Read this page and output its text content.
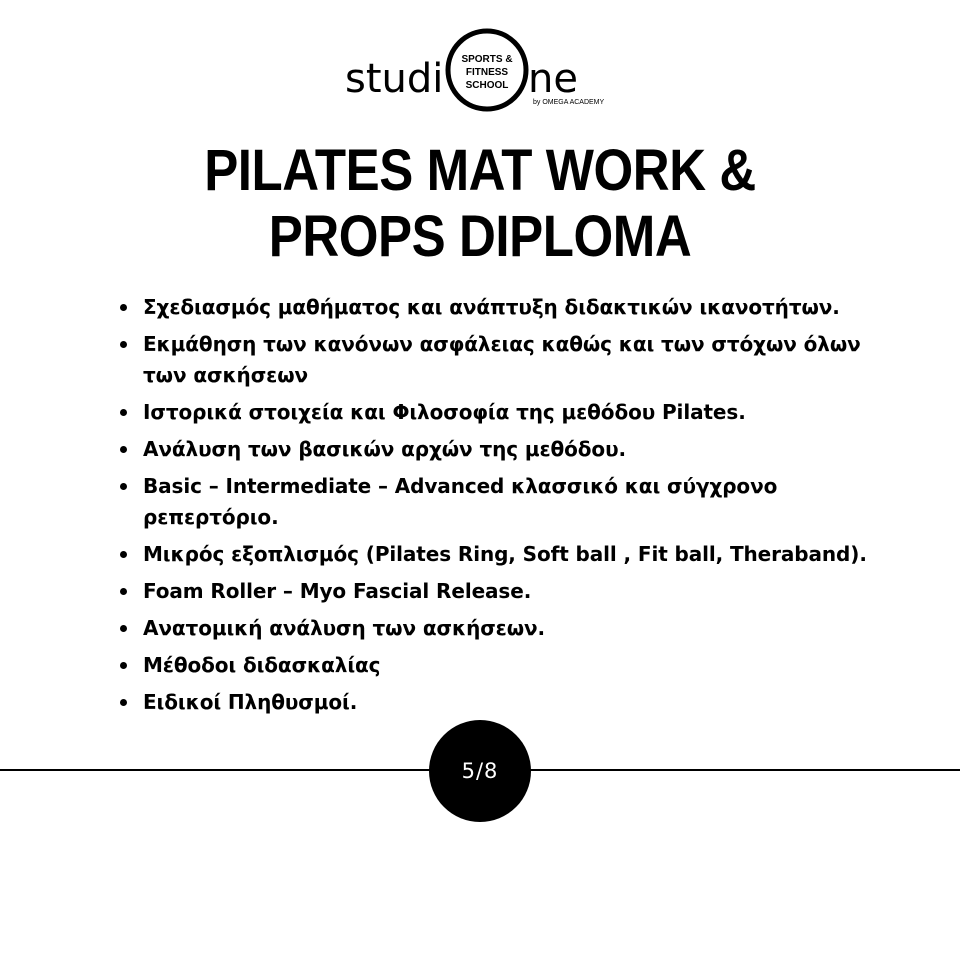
studi SPORTS &
FITNESS
SCHOOL ne
by OMEGA ACADEMY
PILATES MAT WORK &
PROPS DIPLOMA
Σχεδιασμός μαθήματος και ανάπτυξη διδακτικών ικανοτήτων.
Εκμάθηση των κανόνων ασφάλειας καθώς και των στόχων όλων των ασκήσεων
Ιστορικά στοιχεία και Φιλοσοφία της μεθόδου Pilates.
Ανάλυση των βασικών αρχών της μεθόδου.
Basic – Intermediate – Advanced κλασσικό και σύγχρονο ρεπερτόριο.
Μικρός εξοπλισμός (Pilates Ring, Soft ball , Fit ball, Theraband).
Foam Roller – Myo Fascial Release.
Ανατομική ανάλυση των ασκήσεων.
Μέθοδοι διδασκαλίας
Ειδικοί Πληθυσμοί.
5/8
